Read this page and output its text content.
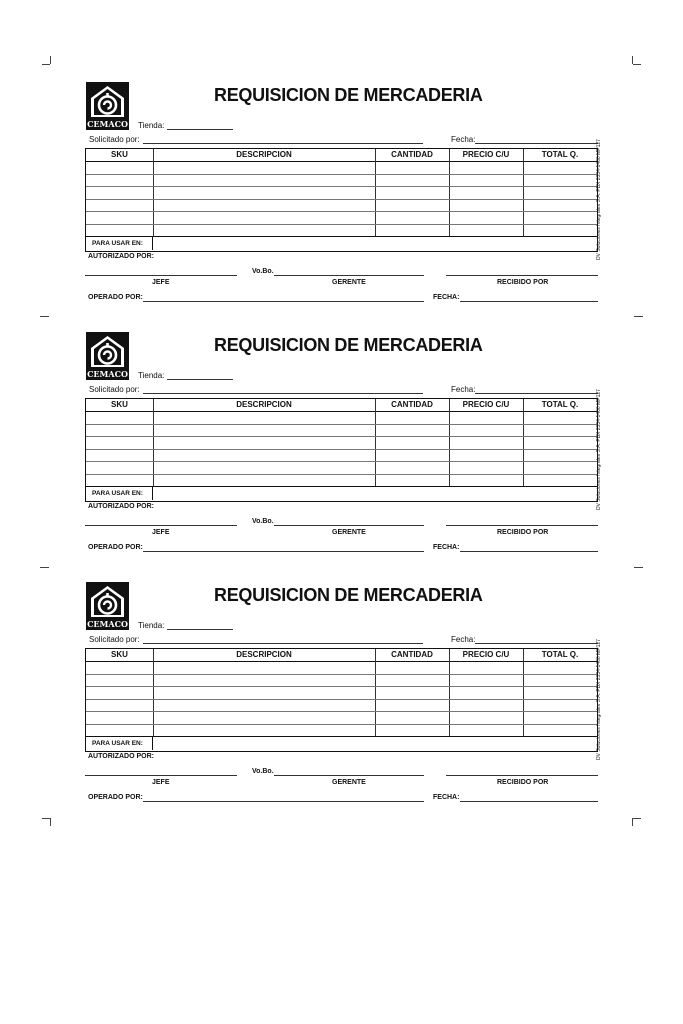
CEMACO
REQUISICION DE MERCADERIA
Tienda:
Solicitado por:	Fecha:
SKU	DESCRIPCION	CANTIDAD	PRECIO C/U	TOTAL Q.
PARA USAR EN:
AUTORIZADO POR:
Vo.Bo.
JEFE	GERENTE	RECIBIDO POR
OPERADO POR:	FECHA:
DV Soluciones Integrales S.A. PBX 2334-1460 MP127
CEMACO
REQUISICION DE MERCADERIA
Tienda:
Solicitado por:	Fecha:
SKU	DESCRIPCION	CANTIDAD	PRECIO C/U	TOTAL Q.
PARA USAR EN:
AUTORIZADO POR:
Vo.Bo.
JEFE	GERENTE	RECIBIDO POR
OPERADO POR:	FECHA:
DV Soluciones Integrales S.A. PBX 2334-1460 MP127
CEMACO
REQUISICION DE MERCADERIA
Tienda:
Solicitado por:	Fecha:
SKU	DESCRIPCION	CANTIDAD	PRECIO C/U	TOTAL Q.
PARA USAR EN:
AUTORIZADO POR:
Vo.Bo.
JEFE	GERENTE	RECIBIDO POR
OPERADO POR:	FECHA:
DV Soluciones Integrales S.A. PBX 2334-1460 MP127
